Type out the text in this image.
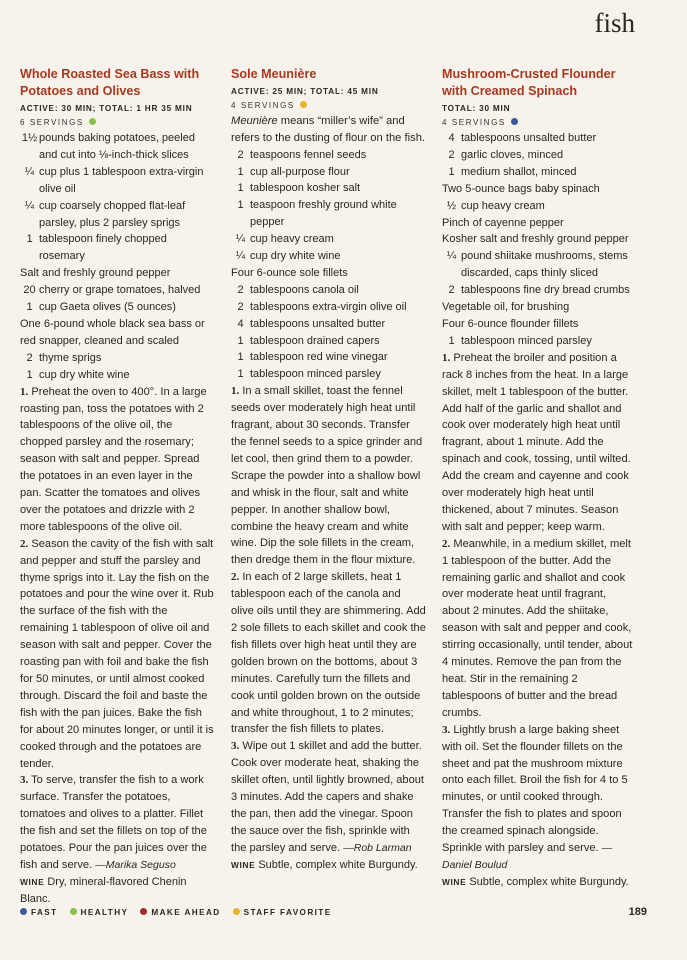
fish
Whole Roasted Sea Bass with Potatoes and Olives
ACTIVE: 30 MIN; TOTAL: 1 HR 35 MIN
6 SERVINGS
1½ pounds baking potatoes, peeled and cut into ⅛-inch-thick slices
¼ cup plus 1 tablespoon extra-virgin olive oil
¼ cup coarsely chopped flat-leaf parsley, plus 2 parsley sprigs
1 tablespoon finely chopped rosemary
Salt and freshly ground pepper
20 cherry or grape tomatoes, halved
1 cup Gaeta olives (5 ounces)
One 6-pound whole black sea bass or red snapper, cleaned and scaled
2 thyme sprigs
1 cup dry white wine

1. Preheat the oven to 400°. In a large roasting pan, toss the potatoes with 2 tablespoons of the olive oil, the chopped parsley and the rosemary; season with salt and pepper. Spread the potatoes in an even layer in the pan. Scatter the tomatoes and olives over the potatoes and drizzle with 2 more tablespoons of the olive oil.

2. Season the cavity of the fish with salt and pepper and stuff the parsley and thyme sprigs into it. Lay the fish on the potatoes and pour the wine over it. Rub the surface of the fish with the remaining 1 tablespoon of olive oil and season with salt and pepper. Cover the roasting pan with foil and bake the fish for 50 minutes, or until almost cooked through. Discard the foil and baste the fish with the pan juices. Bake the fish for about 20 minutes longer, or until it is cooked through and the potatoes are tender.

3. To serve, transfer the fish to a work surface. Transfer the potatoes, tomatoes and olives to a platter. Fillet the fish and set the fillets on top of the potatoes. Pour the pan juices over the fish and serve. —Marika Seguso

WINE Dry, mineral-flavored Chenin Blanc.

Sole Meunière
ACTIVE: 25 MIN; TOTAL: 45 MIN
4 SERVINGS

Meunière means “miller’s wife” and refers to the dusting of flour on the fish.

2 teaspoons fennel seeds
1 cup all-purpose flour
1 tablespoon kosher salt
1 teaspoon freshly ground white pepper
¼ cup heavy cream
¼ cup dry white wine
Four 6-ounce sole fillets
2 tablespoons canola oil
2 tablespoons extra-virgin olive oil
4 tablespoons unsalted butter
1 tablespoon drained capers
1 tablespoon red wine vinegar
1 tablespoon minced parsley

1. In a small skillet, toast the fennel seeds over moderately high heat until fragrant, about 30 seconds. Transfer the fennel seeds to a spice grinder and let cool, then grind them to a powder. Scrape the powder into a shallow bowl and whisk in the flour, salt and white pepper. In another shallow bowl, combine the heavy cream and white wine. Dip the sole fillets in the cream, then dredge them in the flour mixture.

2. In each of 2 large skillets, heat 1 tablespoon each of the canola and olive oils until they are shimmering. Add 2 sole fillets to each skillet and cook the fish fillets over high heat until they are golden brown on the bottoms, about 3 minutes. Carefully turn the fillets and cook until golden brown on the outside and white throughout, 1 to 2 minutes; transfer the fish fillets to plates.

3. Wipe out 1 skillet and add the butter. Cook over moderate heat, shaking the skillet often, until lightly browned, about 3 minutes. Add the capers and shake the pan, then add the vinegar. Spoon the sauce over the fish, sprinkle with the parsley and serve. —Rob Larman

WINE Subtle, complex white Burgundy.

Mushroom-Crusted Flounder with Creamed Spinach
TOTAL: 30 MIN
4 SERVINGS
4 tablespoons unsalted butter
2 garlic cloves, minced
1 medium shallot, minced
Two 5-ounce bags baby spinach
½ cup heavy cream
Pinch of cayenne pepper
Kosher salt and freshly ground pepper
¼ pound shiitake mushrooms, stems discarded, caps thinly sliced
2 tablespoons fine dry bread crumbs
Vegetable oil, for brushing
Four 6-ounce flounder fillets
1 tablespoon minced parsley

1. Preheat the broiler and position a rack 8 inches from the heat. In a large skillet, melt 1 tablespoon of the butter. Add half of the garlic and shallot and cook over moderately high heat until fragrant, about 1 minute. Add the spinach and cook, tossing, until wilted. Add the cream and cayenne and cook over moderately high heat until thickened, about 7 minutes. Season with salt and pepper; keep warm.

2. Meanwhile, in a medium skillet, melt 1 tablespoon of the butter. Add the remaining garlic and shallot and cook over moderate heat until fragrant, about 2 minutes. Add the shiitake, season with salt and pepper and cook, stirring occasionally, until tender, about 4 minutes. Remove the pan from the heat. Stir in the remaining 2 tablespoons of butter and the bread crumbs.

3. Lightly brush a large baking sheet with oil. Set the flounder fillets on the sheet and pat the mushroom mixture onto each fillet. Broil the fish for 4 to 5 minutes, or until cooked through. Transfer the fish to plates and spoon the creamed spinach alongside. Sprinkle with parsley and serve. —Daniel Boulud

WINE Subtle, complex white Burgundy.

FAST	HEALTHY	MAKE AHEAD	STAFF FAVORITE	189
